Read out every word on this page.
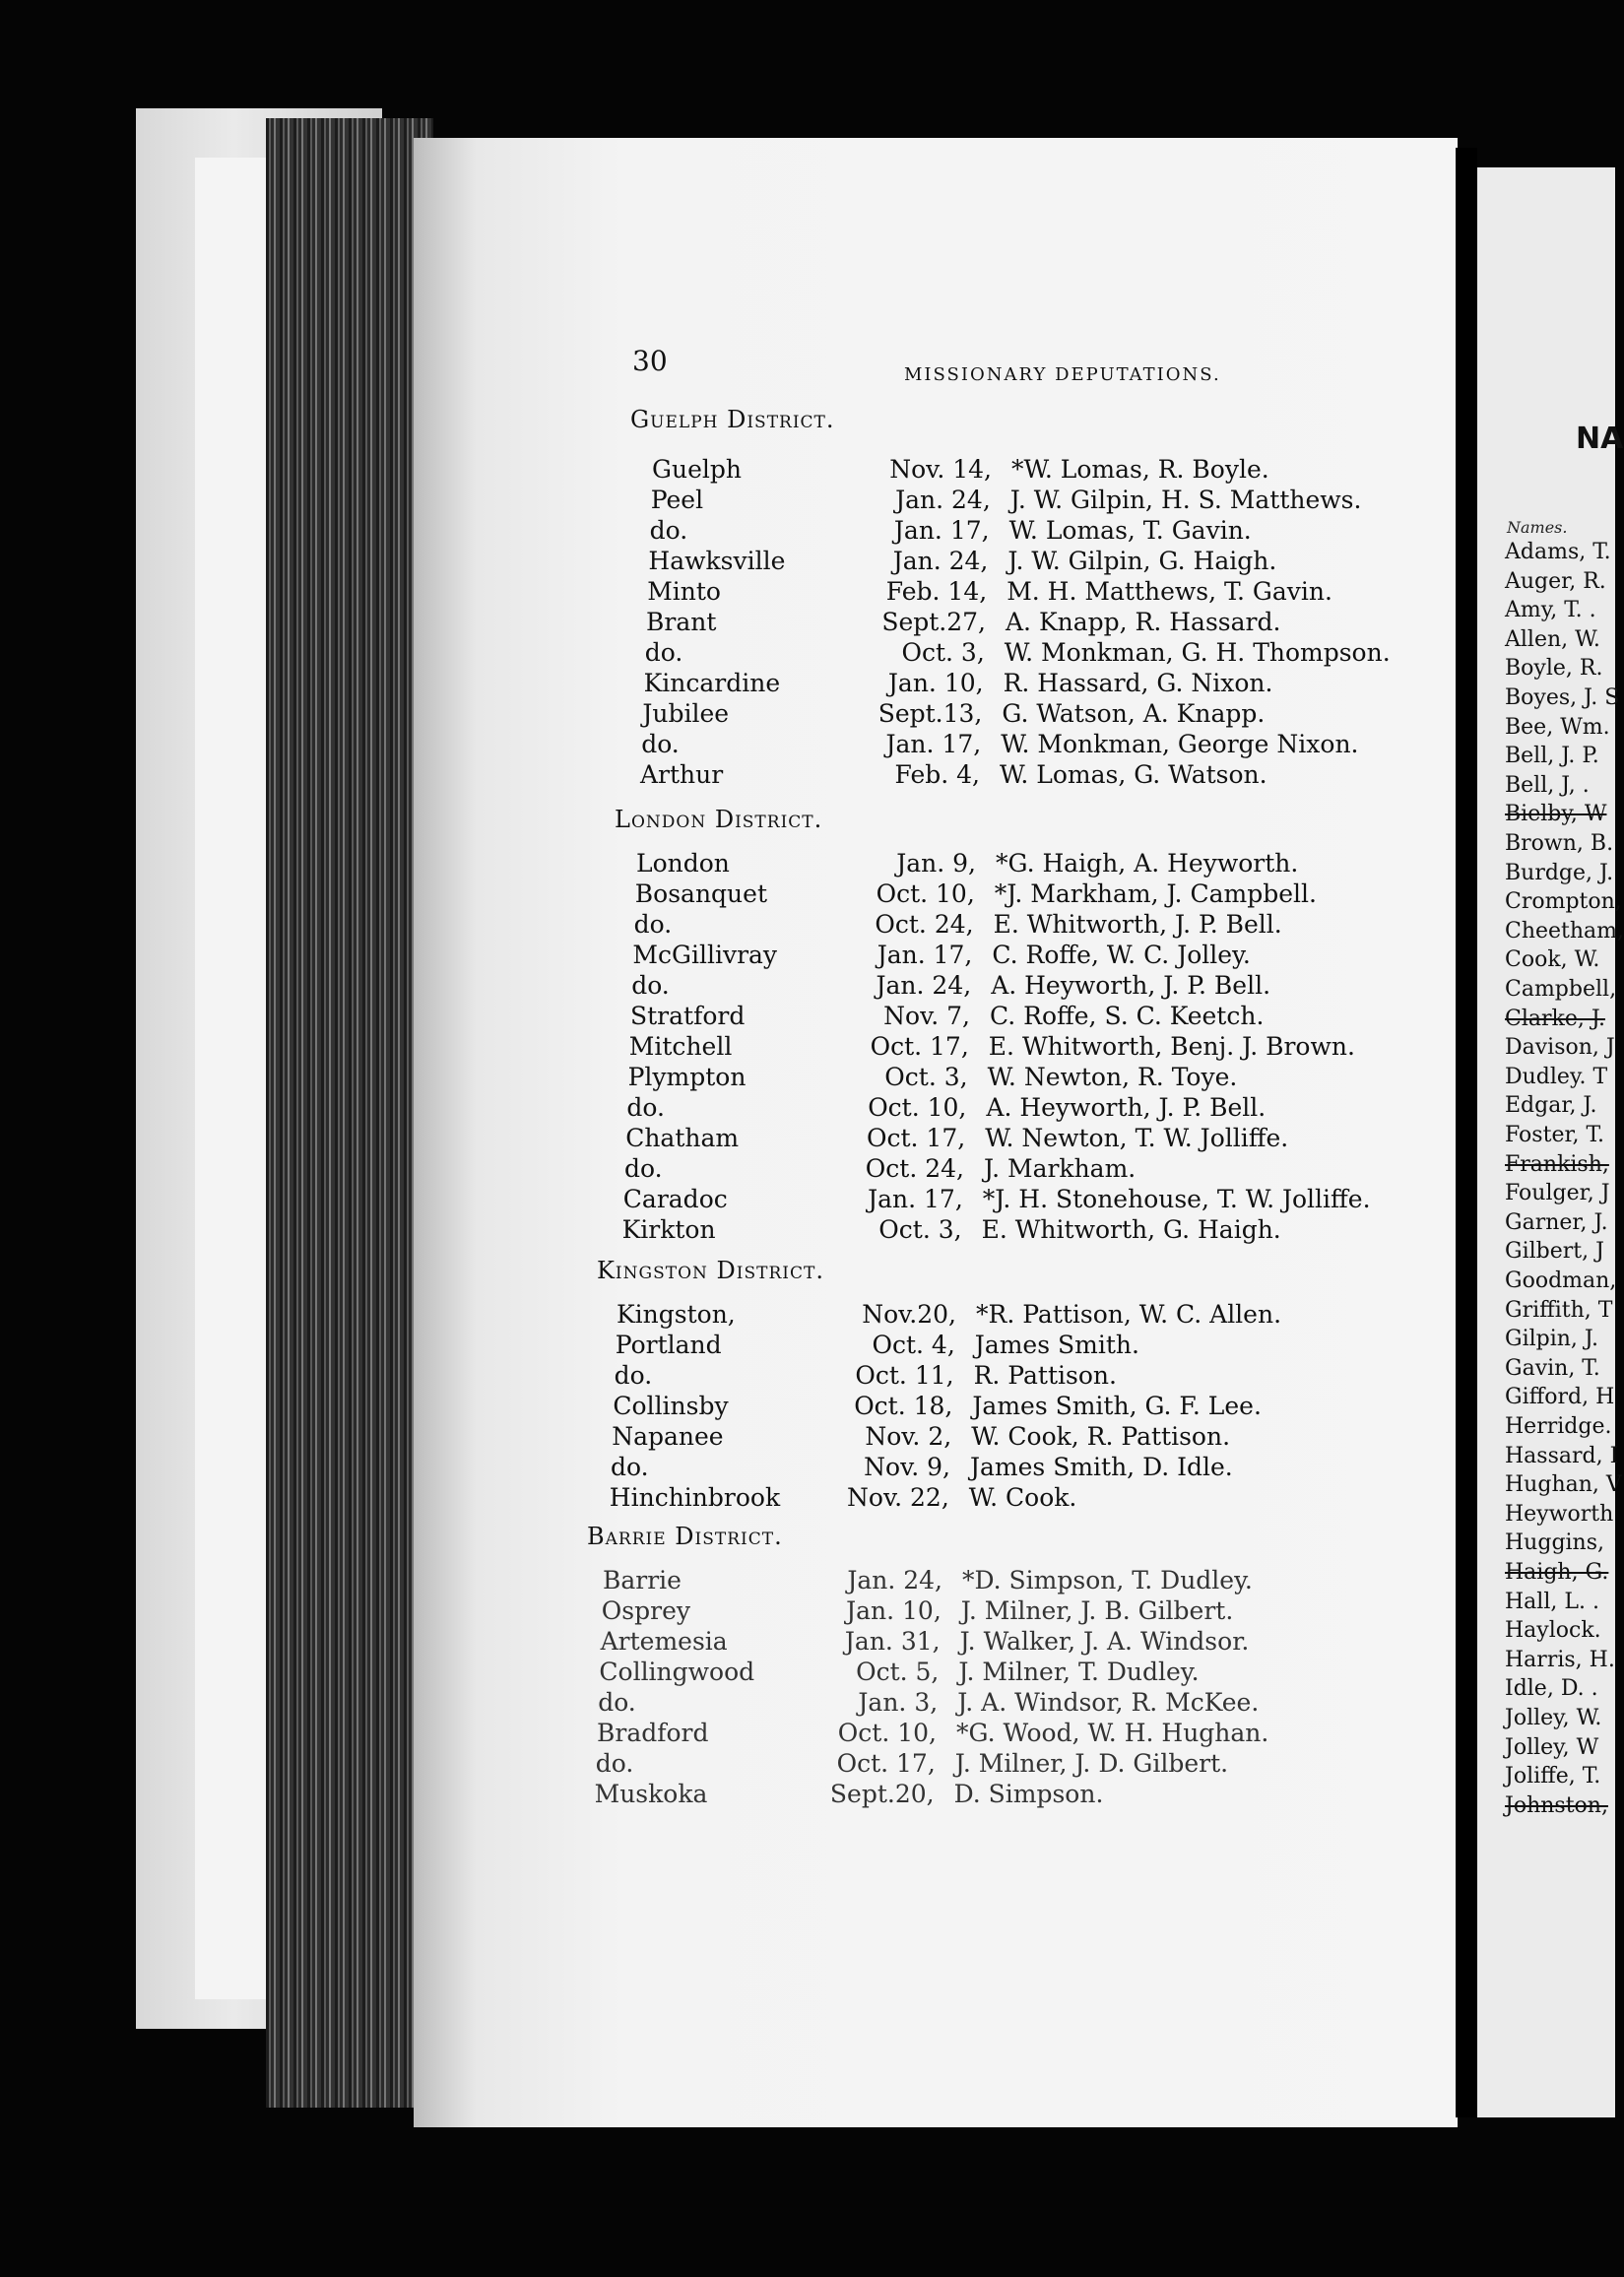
30	MISSIONARY DEPUTATIONS.
Guelph District.
Guelph	Nov. 14, *W. Lomas, R. Boyle.
Peel	Jan. 24, J. W. Gilpin, H. S. Matthews.
do.	Jan. 17, W. Lomas, T. Gavin.
Hawksville	Jan. 24, J. W. Gilpin, G. Haigh.
Minto	Feb. 14, M. H. Matthews, T. Gavin.
Brant	Sept.27, A. Knapp, R. Hassard.
do.	Oct. 3, W. Monkman, G. H. Thompson.
Kincardine	Jan. 10, R. Hassard, G. Nixon.
Jubilee	Sept.13, G. Watson, A. Knapp.
do.	Jan. 17, W. Monkman, George Nixon.
Arthur	Feb. 4, W. Lomas, G. Watson.
London District.
London	Jan. 9, *G. Haigh, A. Heyworth.
Bosanquet	Oct. 10, *J. Markham, J. Campbell.
do.	Oct. 24, E. Whitworth, J. P. Bell.
McGillivray	Jan. 17, C. Roffe, W. C. Jolley.
do.	Jan. 24, A. Heyworth, J. P. Bell.
Stratford	Nov. 7, C. Roffe, S. C. Keetch.
Mitchell	Oct. 17, E. Whitworth, Benj. J. Brown.
Plympton	Oct. 3, W. Newton, R. Toye.
do.	Oct. 10, A. Heyworth, J. P. Bell.
Chatham	Oct. 17, W. Newton, T. W. Jolliffe.
do.	Oct. 24, J. Markham.
Caradoc	Jan. 17, *J. H. Stonehouse, T. W. Jolliffe.
Kirkton	Oct. 3, E. Whitworth, G. Haigh.
Kingston District.
Kingston,	Nov.20, *R. Pattison, W. C. Allen.
Portland	Oct. 4, James Smith.
do.	Oct. 11, R. Pattison.
Collinsby	Oct. 18, James Smith, G. F. Lee.
Napanee	Nov. 2, W. Cook, R. Pattison.
do.	Nov. 9, James Smith, D. Idle.
Hinchinbrook	Nov. 22, W. Cook.
Barrie District.
Barrie	Jan. 24, *D. Simpson, T. Dudley.
Osprey	Jan. 10, J. Milner, J. B. Gilbert.
Artemesia	Jan. 31, J. Walker, J. A. Windsor.
Collingwood	Oct. 5, J. Milner, T. Dudley.
do.	Jan. 3, J. A. Windsor, R. McKee.
Bradford	Oct. 10, *G. Wood, W. H. Hughan.
do.	Oct. 17, J. Milner, J. D. Gilbert.
Muskoka	Sept.20, D. Simpson.
NA
Names.
Adams, T.
Auger, R.
Amy, T. .
Allen, W.
Boyle, R.
Boyes, J. S
Bee, Wm.
Bell, J. P.
Bell, J, .
Bielby, W
Brown, B.
Burdge, J.
Crompton,
Cheetham,
Cook, W.
Campbell,
Clarke, J.
Davison, J
Dudley. T
Edgar, J.
Foster, T.
Frankish,
Foulger, J
Garner, J.
Gilbert, J
Goodman,
Griffith, T
Gilpin, J.
Gavin, T.
Gifford, H
Herridge.
Hassard, I
Hughan, V
Heyworth
Huggins,
Haigh, G.
Hall, L. .
Haylock.
Harris, H.
Idle, D. .
Jolley, W.
Jolley, W
Joliffe, T.
Johnston,
